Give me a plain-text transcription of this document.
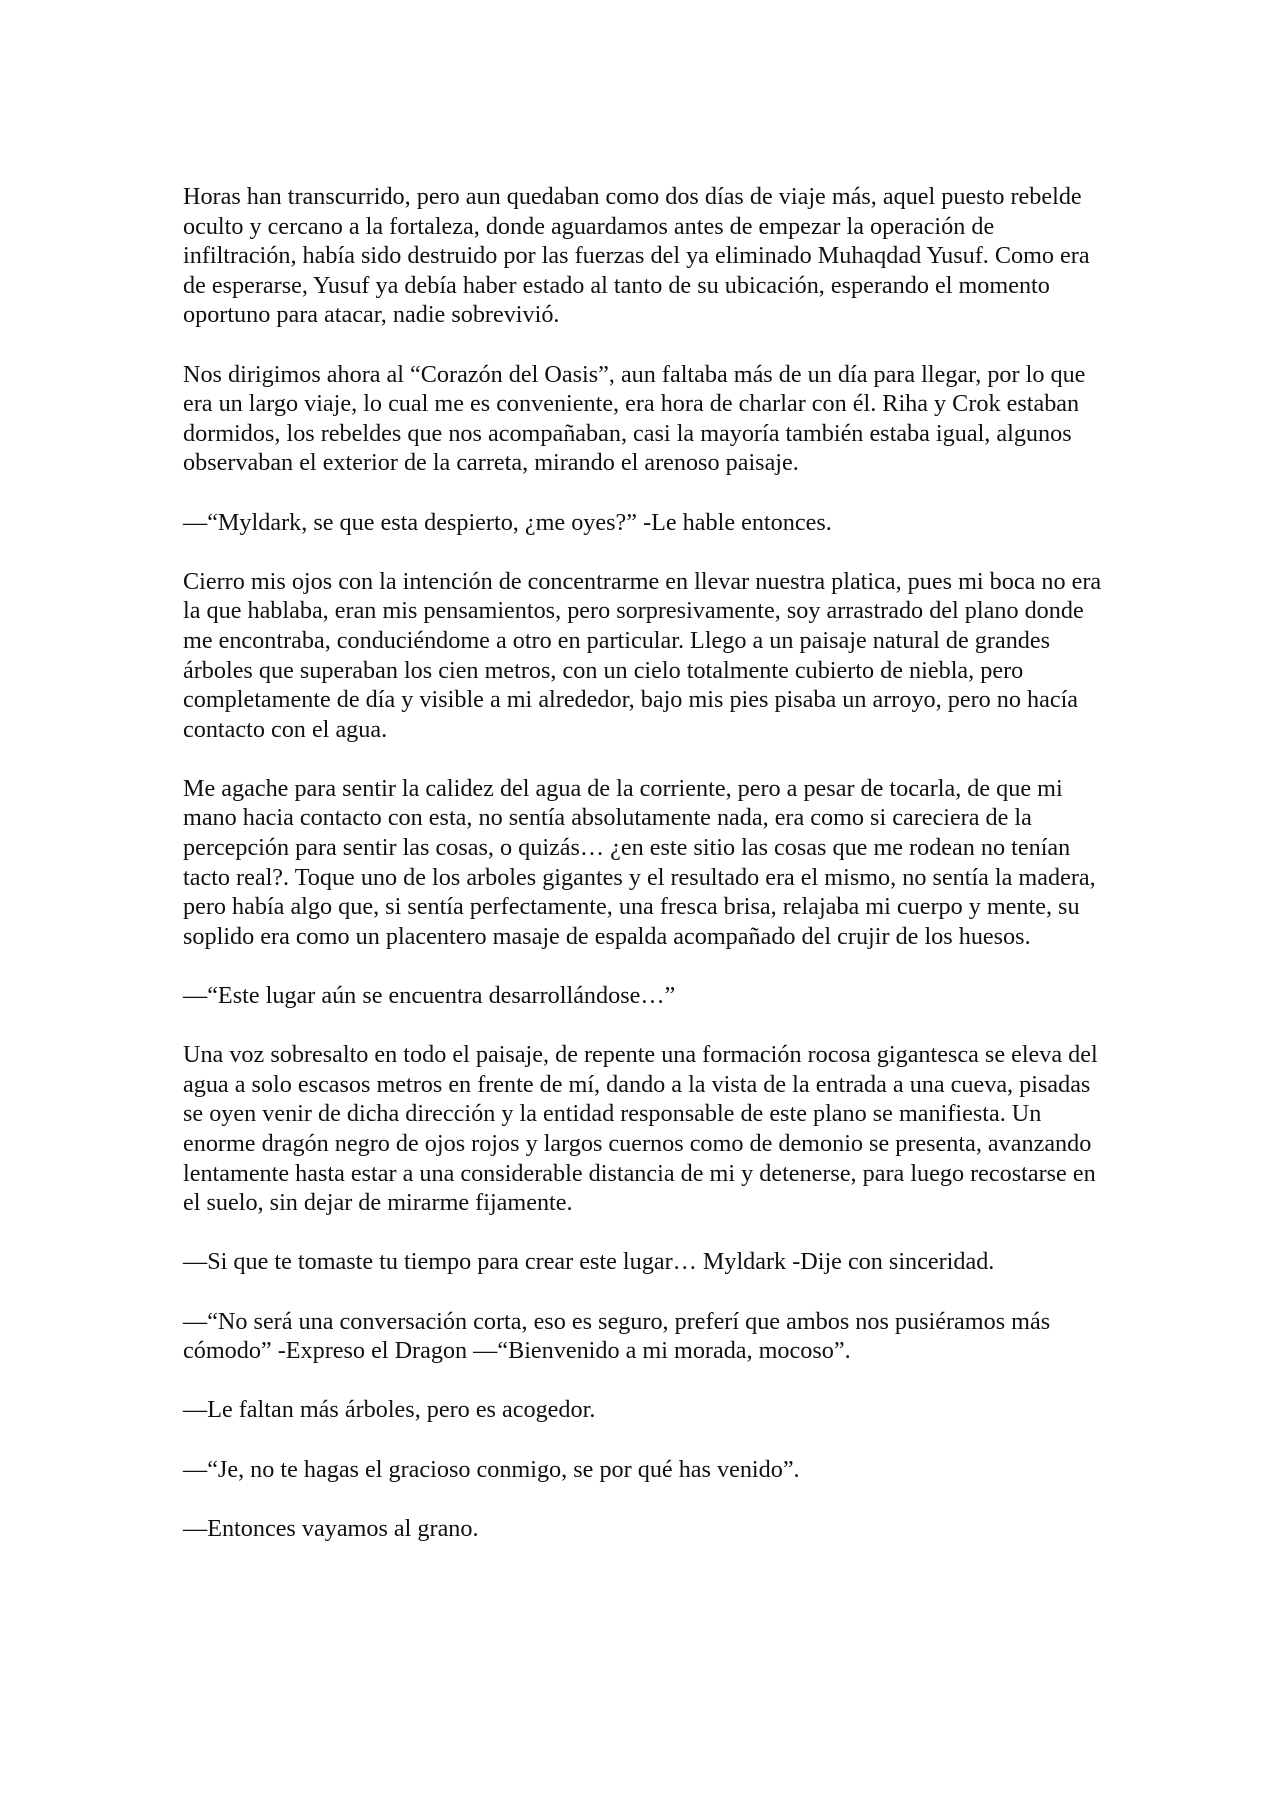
Horas han transcurrido, pero aun quedaban como dos días de viaje más, aquel puesto rebelde oculto y cercano a la fortaleza, donde aguardamos antes de empezar la operación de infiltración, había sido destruido por las fuerzas del ya eliminado Muhaqdad Yusuf. Como era de esperarse, Yusuf ya debía haber estado al tanto de su ubicación, esperando el momento oportuno para atacar, nadie sobrevivió.

Nos dirigimos ahora al “Corazón del Oasis”, aun faltaba más de un día para llegar, por lo que era un largo viaje, lo cual me es conveniente, era hora de charlar con él. Riha y Crok estaban dormidos, los rebeldes que nos acompañaban, casi la mayoría también estaba igual, algunos observaban el exterior de la carreta, mirando el arenoso paisaje.

—“Myldark, se que esta despierto, ¿me oyes?” -Le hable entonces.

Cierro mis ojos con la intención de concentrarme en llevar nuestra platica, pues mi boca no era la que hablaba, eran mis pensamientos, pero sorpresivamente, soy arrastrado del plano donde me encontraba, conduciéndome a otro en particular. Llego a un paisaje natural de grandes árboles que superaban los cien metros, con un cielo totalmente cubierto de niebla, pero completamente de día y visible a mi alrededor, bajo mis pies pisaba un arroyo, pero no hacía contacto con el agua.

Me agache para sentir la calidez del agua de la corriente, pero a pesar de tocarla, de que mi mano hacia contacto con esta, no sentía absolutamente nada, era como si careciera de la percepción para sentir las cosas, o quizás… ¿en este sitio las cosas que me rodean no tenían tacto real?. Toque uno de los arboles gigantes y el resultado era el mismo, no sentía la madera, pero había algo que, si sentía perfectamente, una fresca brisa, relajaba mi cuerpo y mente, su soplido era como un placentero masaje de espalda acompañado del crujir de los huesos.

—“Este lugar aún se encuentra desarrollándose…”

Una voz sobresalto en todo el paisaje, de repente una formación rocosa gigantesca se eleva del agua a solo escasos metros en frente de mí, dando a la vista de la entrada a una cueva, pisadas se oyen venir de dicha dirección y la entidad responsable de este plano se manifiesta. Un enorme dragón negro de ojos rojos y largos cuernos como de demonio se presenta, avanzando lentamente hasta estar a una considerable distancia de mi y detenerse, para luego recostarse en el suelo, sin dejar de mirarme fijamente.

—Si que te tomaste tu tiempo para crear este lugar… Myldark -Dije con sinceridad.

—“No será una conversación corta, eso es seguro, preferí que ambos nos pusiéramos más cómodo” -Expreso el Dragon —“Bienvenido a mi morada, mocoso”.

—Le faltan más árboles, pero es acogedor.

—“Je, no te hagas el gracioso conmigo, se por qué has venido”.

—Entonces vayamos al grano.
